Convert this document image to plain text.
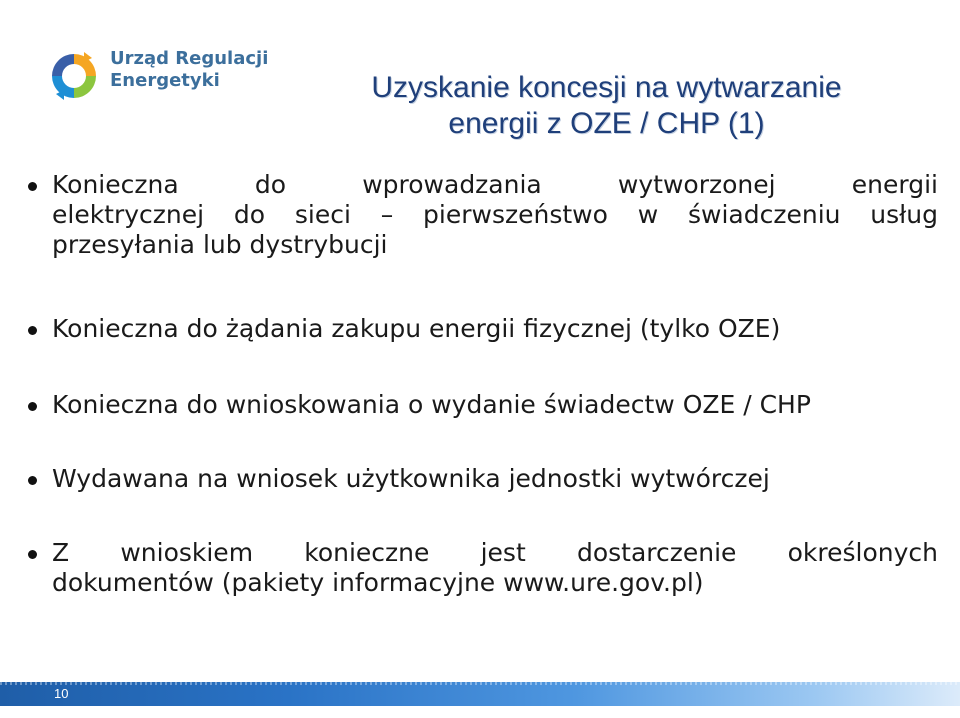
Urząd Regulacji
Energetyki	Uzyskanie koncesji na wytwarzanie
energii z OZE / CHP (1)
Konieczna do wprowadzania wytworzonej energii
elektrycznej do sieci – pierwszeństwo w świadczeniu usług
przesyłania lub dystrybucji
Konieczna do żądania zakupu energii fizycznej (tylko OZE)
Konieczna do wnioskowania o wydanie świadectw OZE / CHP
Wydawana na wniosek użytkownika jednostki wytwórczej
Z wnioskiem konieczne jest dostarczenie określonych
dokumentów (pakiety informacyjne www.ure.gov.pl)
10
